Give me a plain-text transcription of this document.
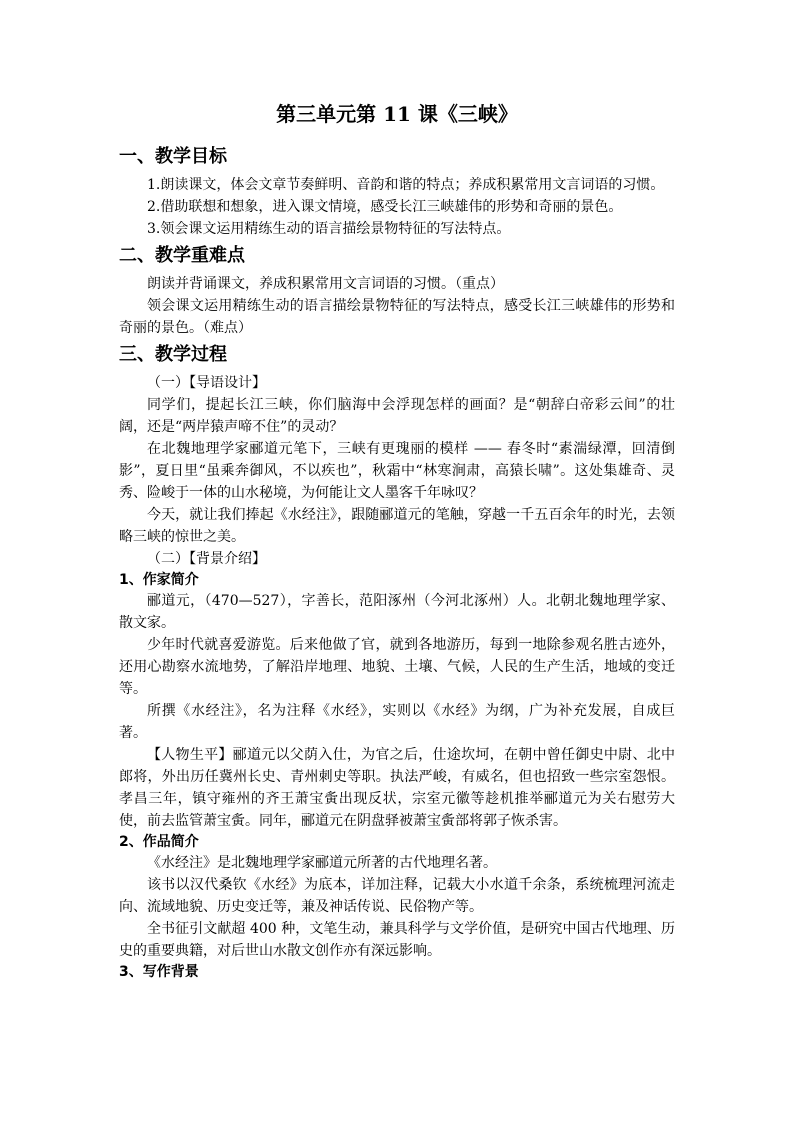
第三单元第 11 课《三峡》
一、教学目标

1.朗读课文，体会文章节奏鲜明、音韵和谐的特点；养成积累常用文言词语的习惯。

2.借助联想和想象，进入课文情境，感受长江三峡雄伟的形势和奇丽的景色。

3.领会课文运用精练生动的语言描绘景物特征的写法特点。

二、教学重难点

朗读并背诵课文，养成积累常用文言词语的习惯。（重点）

领会课文运用精练生动的语言描绘景物特征的写法特点，感受长江三峡雄伟的形势和奇丽的景色。（难点）

三、教学过程

（一）【导语设计】

同学们，提起长江三峡，你们脑海中会浮现怎样的画面？是“朝辞白帝彩云间”的壮阔，还是“两岸猿声啼不住”的灵动？

在北魏地理学家郦道元笔下，三峡有更瑰丽的模样 —— 春冬时“素湍绿潭，回清倒影”，夏日里“虽乘奔御风，不以疾也”，秋霜中“林寒涧肃，高猿长啸”。这处集雄奇、灵秀、险峻于一体的山水秘境，为何能让文人墨客千年咏叹？

今天，就让我们捧起《水经注》，跟随郦道元的笔触，穿越一千五百余年的时光，去领略三峡的惊世之美。

（二）【背景介绍】

1、作家简介

郦道元，（470—527），字善长，范阳涿州（今河北涿州）人。北朝北魏地理学家、散文家。

少年时代就喜爱游览。后来他做了官，就到各地游历，每到一地除参观名胜古迹外，还用心勘察水流地势，了解沿岸地理、地貌、土壤、气候，人民的生产生活，地域的变迁等。

所撰《水经注》，名为注释《水经》，实则以《水经》为纲，广为补充发展，自成巨著。

【人物生平】郦道元以父荫入仕，为官之后，仕途坎坷，在朝中曾任御史中尉、北中郎将，外出历任冀州长史、青州刺史等职。执法严峻，有威名，但也招致一些宗室怨恨。孝昌三年，镇守雍州的齐王萧宝夤出现反状，宗室元徽等趁机推举郦道元为关右慰劳大使，前去监管萧宝夤。同年，郦道元在阴盘驿被萧宝夤部将郭子恢杀害。

2、作品简介

《水经注》是北魏地理学家郦道元所著的古代地理名著。

该书以汉代桑钦《水经》为底本，详加注释，记载大小水道千余条，系统梳理河流走向、流域地貌、历史变迁等，兼及神话传说、民俗物产等。

全书征引文献超 400 种，文笔生动，兼具科学与文学价值，是研究中国古代地理、历史的重要典籍，对后世山水散文创作亦有深远影响。

3、写作背景
